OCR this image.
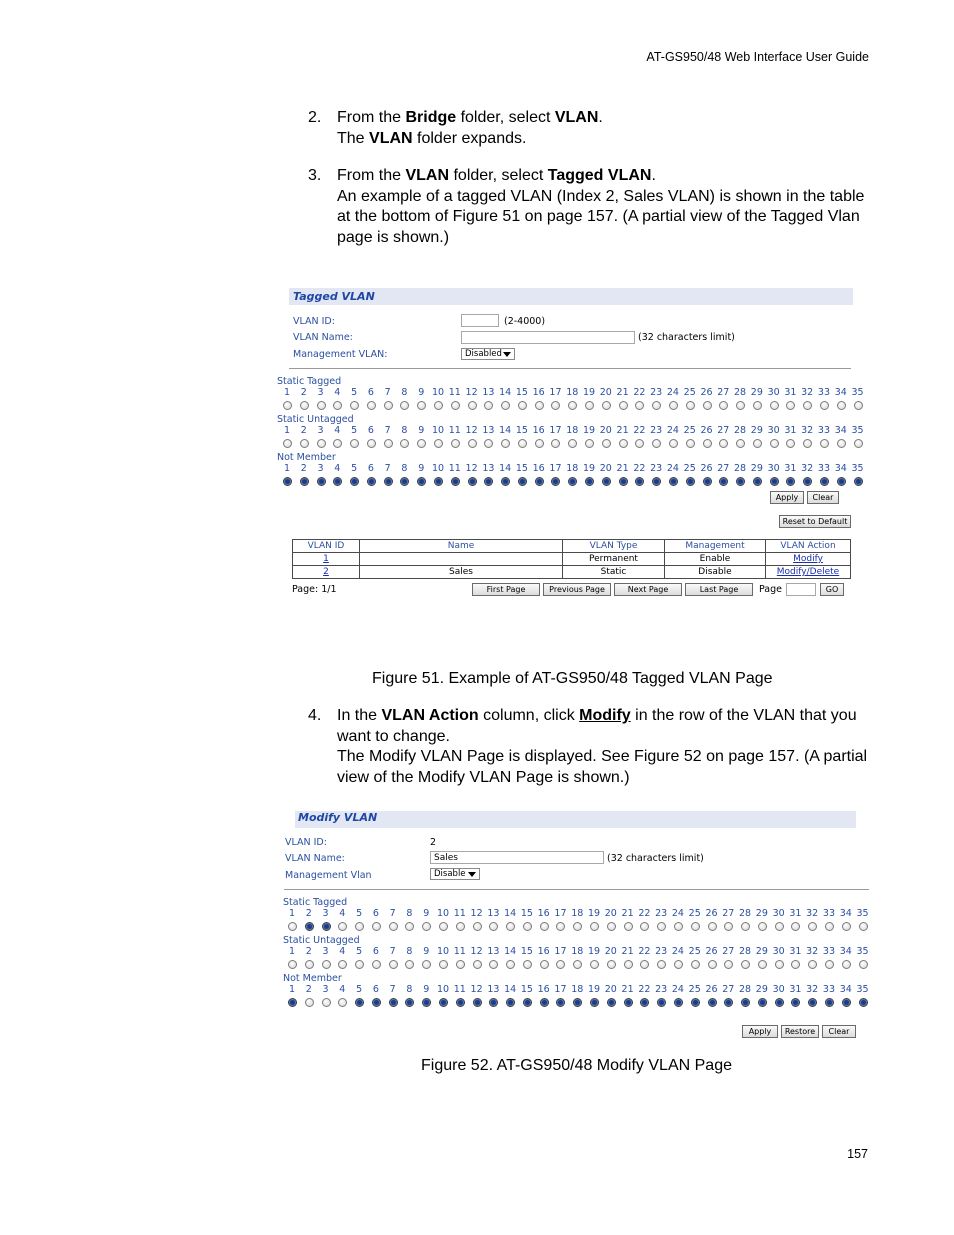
AT-GS950/48 Web Interface User Guide
2. From the Bridge folder, select VLAN.
The VLAN folder expands.
3. From the VLAN folder, select Tagged VLAN.
An example of a tagged VLAN (Index 2, Sales VLAN) is shown in the table at the bottom of Figure 51 on page 157. (A partial view of the Tagged Vlan page is shown.)
Tagged VLAN
VLAN ID:	(2-4000)
VLAN Name:	(32 characters limit)
Management VLAN:	Disabled
Static Tagged
1	2	3	4	5	6	7	8	9 10 11 12 13 14 15 16 17 18 19 20 21 22 23 24 25 26 27 28 29 30 31 32 33 34 35
Static Untagged
1	2	3	4	5	6	7	8	9 10 11 12 13 14 15 16 17 18 19 20 21 22 23 24 25 26 27 28 29 30 31 32 33 34 35
Not Member
1	2	3	4	5	6	7	8	9 10 11 12 13 14 15 16 17 18 19 20 21 22 23 24 25 26 27 28 29 30 31 32 33 34 35
Apply	Clear
Reset to Default
VLAN ID	Name	VLAN Type	Management	VLAN Action
1		Permanent	Enable	Modify
2	Sales	Static	Disable	Modify/Delete
Page: 1/1	First Page	Previous Page	Next Page	Last Page	Page	GO
Figure 51. Example of AT-GS950/48 Tagged VLAN Page
4. In the VLAN Action column, click Modify in the row of the VLAN that you want to change.
The Modify VLAN Page is displayed. See Figure 52 on page 157. (A partial view of the Modify VLAN Page is shown.)
Modify VLAN
VLAN ID:	2
VLAN Name:	Sales	(32 characters limit)
Management Vlan	Disable
Static Tagged
1	2	3	4	5	6	7	8	9 10 11 12 13 14 15 16 17 18 19 20 21 22 23 24 25 26 27 28 29 30 31 32 33 34 35
Static Untagged
1	2	3	4	5	6	7	8	9 10 11 12 13 14 15 16 17 18 19 20 21 22 23 24 25 26 27 28 29 30 31 32 33 34 35
Not Member
1	2	3	4	5	6	7	8	9 10 11 12 13 14 15 16 17 18 19 20 21 22 23 24 25 26 27 28 29 30 31 32 33 34 35
Apply	Restore	Clear
Figure 52. AT-GS950/48 Modify VLAN Page
157
